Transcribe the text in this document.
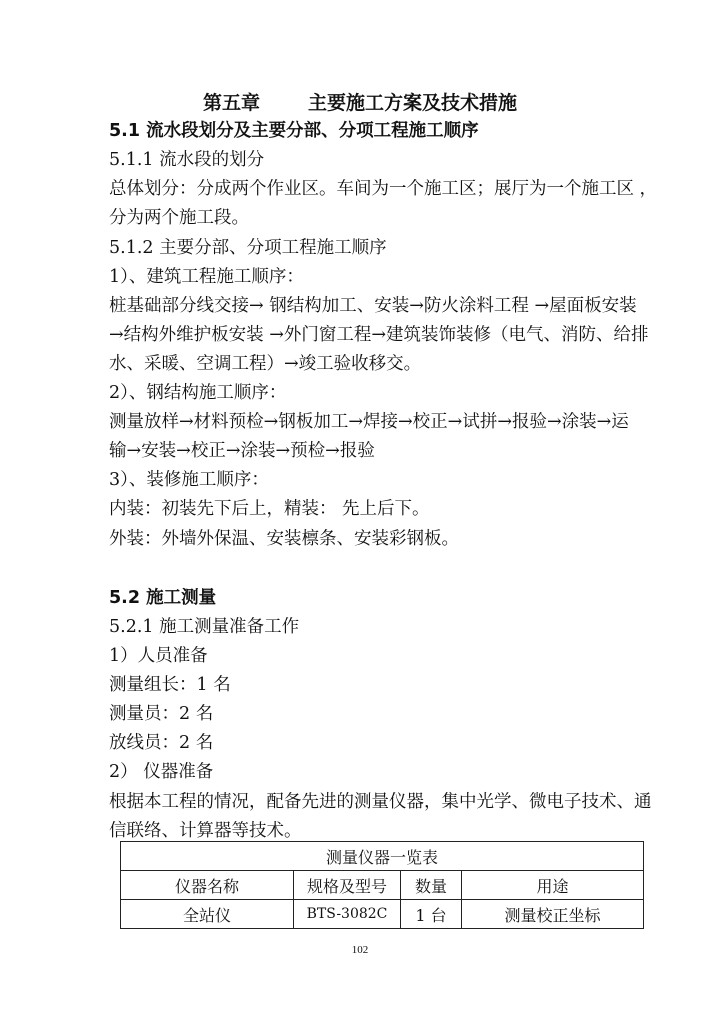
第五章	主要施工方案及技术措施
5.1 流水段划分及主要分部、分项工程施工顺序
5.1.1 流水段的划分
总体划分：分成两个作业区。车间为一个施工区；展厅为一个施工区 ，
分为两个施工段。
5.1.2 主要分部、分项工程施工顺序
1）、建筑工程施工顺序：
桩基础部分线交接→ 钢结构加工、安装→防火涂料工程 →屋面板安装
→结构外维护板安装 →外门窗工程→建筑装饰装修（电气、消防、给排
水、采暖、空调工程）→竣工验收移交。
2）、钢结构施工顺序：
测量放样→材料预检→钢板加工→焊接→校正→试拼→报验→涂装→运
输→安装→校正→涂装→预检→报验
3）、装修施工顺序：
内装：初装先下后上，精装： 先上后下。
外装：外墙外保温、安装檩条、安装彩钢板。
5.2 施工测量
5.2.1 施工测量准备工作
1）人员准备
测量组长：1 名
测量员：2 名
放线员：2 名
2） 仪器准备
根据本工程的情况，配备先进的测量仪器，集中光学、微电子技术、通
信联络、计算器等技术。
测量仪器一览表			
仪器名称	规格及型号	数量	用途
全站仪	BTS-3082C	1 台	测量校正坐标
102
